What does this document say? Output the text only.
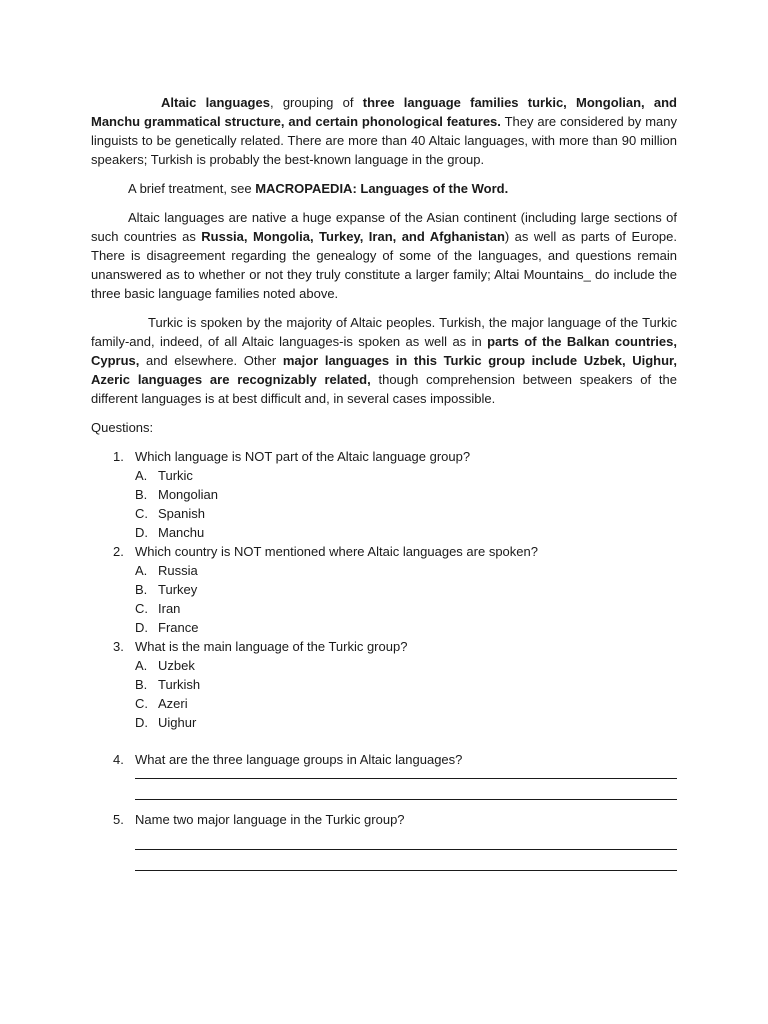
Altaic languages, grouping of three language families turkic, Mongolian, and Manchu grammatical structure, and certain phonological features. They are considered by many linguists to be genetically related. There are more than 40 Altaic languages, with more than 90 million speakers; Turkish is probably the best-known language in the group.

A brief treatment, see MACROPAEDIA: Languages of the Word.

Altaic languages are native a huge expanse of the Asian continent (including large sections of such countries as Russia, Mongolia, Turkey, Iran, and Afghanistan) as well as parts of Europe. There is disagreement regarding the genealogy of some of the languages, and questions remain unanswered as to whether or not they truly constitute a larger family; Altai Mountains_ do include the three basic language families noted above.

Turkic is spoken by the majority of Altaic peoples. Turkish, the major language of the Turkic family-and, indeed, of all Altaic languages-is spoken as well as in parts of the Balkan countries, Cyprus, and elsewhere. Other major languages in this Turkic group include Uzbek, Uighur, Azeric languages are recognizably related, though comprehension between speakers of the different languages is at best difficult and, in several cases impossible.

Questions:
1. Which language is NOT part of the Altaic language group?
A. Turkic
B. Mongolian
C. Spanish
D. Manchu
2. Which country is NOT mentioned where Altaic languages are spoken?
A. Russia
B. Turkey
C. Iran
D. France
3. What is the main language of the Turkic group?
A. Uzbek
B. Turkish
C. Azeri
D. Uighur
4. What are the three language groups in Altaic languages?
5. Name two major language in the Turkic group?
